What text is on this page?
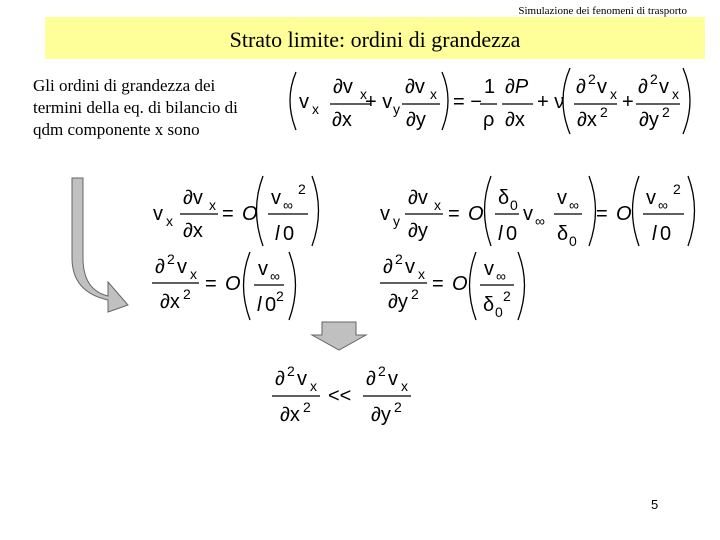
Simulazione dei fenomeni di trasporto
Strato limite: ordini di grandezza
Gli ordini di grandezza dei termini della eq. di bilancio di qdm componente x sono
v x
∂v x
∂x
+ v y
∂v x
∂y
= −
1
ρ
∂P
∂x
+ ν
∂ 2 v x
∂x 2 +
∂ 2 v x
∂y 2
v x
∂v x
∂x
= O
v ∞
2
l 0
v y
∂v x
∂y
= O
δ 0
l 0
v ∞
v ∞
δ 0
= O
v ∞
2
l 0
∂ 2 v x
∂x 2 = O
v ∞
l 0 2
∂ 2 v x
∂y 2 = O
v ∞
δ 0
2
∂ 2 v x
∂x 2 <<
∂ 2 v x
∂y 2
5
